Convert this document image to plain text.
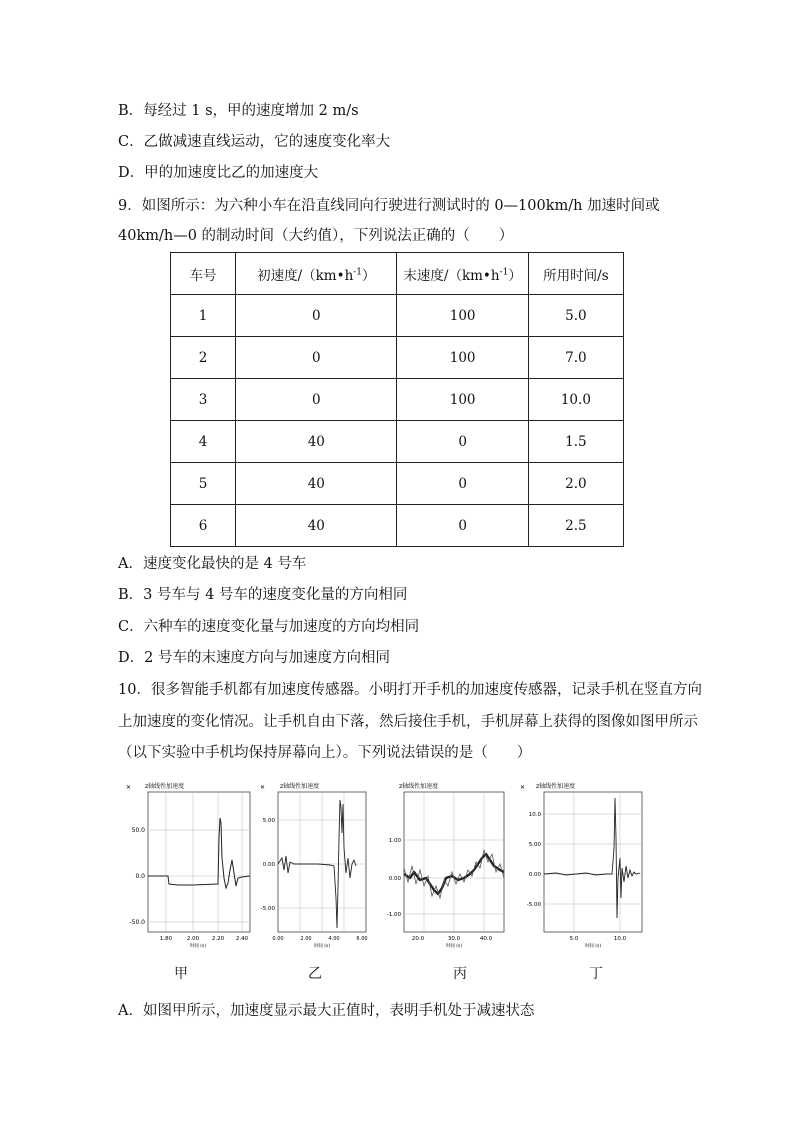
B．每经过 1 s，甲的速度增加 2 m/s
C．乙做减速直线运动，它的速度变化率大
D．甲的加速度比乙的加速度大
9．如图所示：为六种小车在沿直线同向行驶进行测试时的 0—100km/h 加速时间或
40km/h—0 的制动时间（大约值），下列说法正确的（　　）
车号	初速度$/(km•h^{-1})$	末速度$/(km•h^{-1})$	所用时间/s
1	0	100	5.0
2	0	100	7.0
3	0	100	10.0
4	40	0	1.5
5	40	0	2.0
6	40	0	2.5
A．速度变化最快的是 4 号车
B．3 号车与 4 号车的速度变化量的方向相同
C．六种车的速度变化量与加速度的方向均相同
D．2 号车的末速度方向与加速度方向相同
10．很多智能手机都有加速度传感器。小明打开手机的加速度传感器，记录手机在竖直方向
上加速度的变化情况。让手机自由下落，然后接住手机，手机屏幕上获得的图像如图甲所示
（以下实验中手机均保持屏幕向上）。下列说法错误的是（　　）
✕ z轴线性加速度
50.0
0.0
-50.0
1.80	2.00 2.20 2.40
时间 (s)
甲
✕ z轴线性加速度
5.00
0.00
-5.00
0.00	2.00	4.00	6.00
时间 (s)
乙
z轴线性加速度
1.00
0.00
-1.00
20.0	30.0	40.0
时间 (s)
丙
✕ z轴线性加速度
10.0
5.00
0.00
-5.00
5.0	10.0
时间 (s)
丁
A．如图甲所示，加速度显示最大正值时，表明手机处于减速状态
